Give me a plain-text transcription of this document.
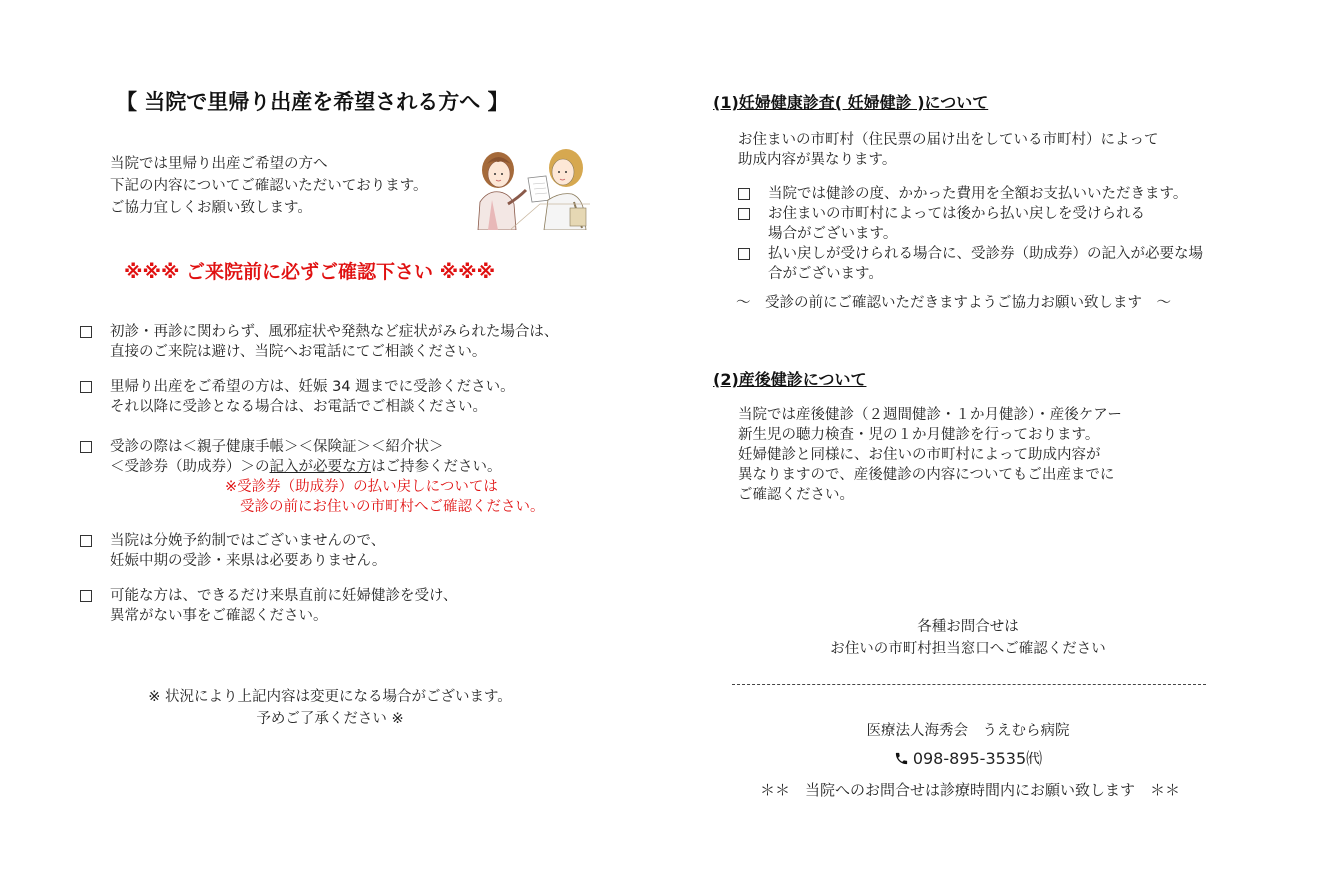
【 当院で里帰り出産を希望される方へ 】
当院では里帰り出産ご希望の方へ
下記の内容についてご確認いただいております。
ご協力宜しくお願い致します。
※※※ ご来院前に必ずご確認下さい ※※※
初診・再診に関わらず、風邪症状や発熱など症状がみられた場合は、
直接のご来院は避け、当院へお電話にてご相談ください。
里帰り出産をご希望の方は、妊娠 34 週までに受診ください。
それ以降に受診となる場合は、お電話でご相談ください。
受診の際は＜親子健康手帳＞＜保険証＞＜紹介状＞
＜受診券（助成券）＞の記入が必要な方はご持参ください。
※受診券（助成券）の払い戻しについては
受診の前にお住いの市町村へご確認ください。
当院は分娩予約制ではございませんので、
妊娠中期の受診・来県は必要ありません。
可能な方は、できるだけ来県直前に妊婦健診を受け、
異常がない事をご確認ください。
※ 状況により上記内容は変更になる場合がございます。
予めご了承ください ※
(1)妊婦健康診査( 妊婦健診 )について
お住まいの市町村（住民票の届け出をしている市町村）によって
助成内容が異なります。
当院では健診の度、かかった費用を全額お支払いいただきます。
お住まいの市町村によっては後から払い戻しを受けられる
場合がございます。
払い戻しが受けられる場合に、受診券（助成券）の記入が必要な場
合がございます。
～　受診の前にご確認いただきますようご協力お願い致します　～
(2)産後健診について
当院では産後健診（２週間健診・１か月健診）・産後ケアー
新生児の聴力検査・児の１か月健診を行っております。
妊婦健診と同様に、お住いの市町村によって助成内容が
異なりますので、産後健診の内容についてもご出産までに
ご確認ください。
各種お問合せは
お住いの市町村担当窓口へご確認ください
医療法人海秀会　うえむら病院
098-895-3535㈹
＊＊　当院へのお問合せは診療時間内にお願い致します　＊＊
